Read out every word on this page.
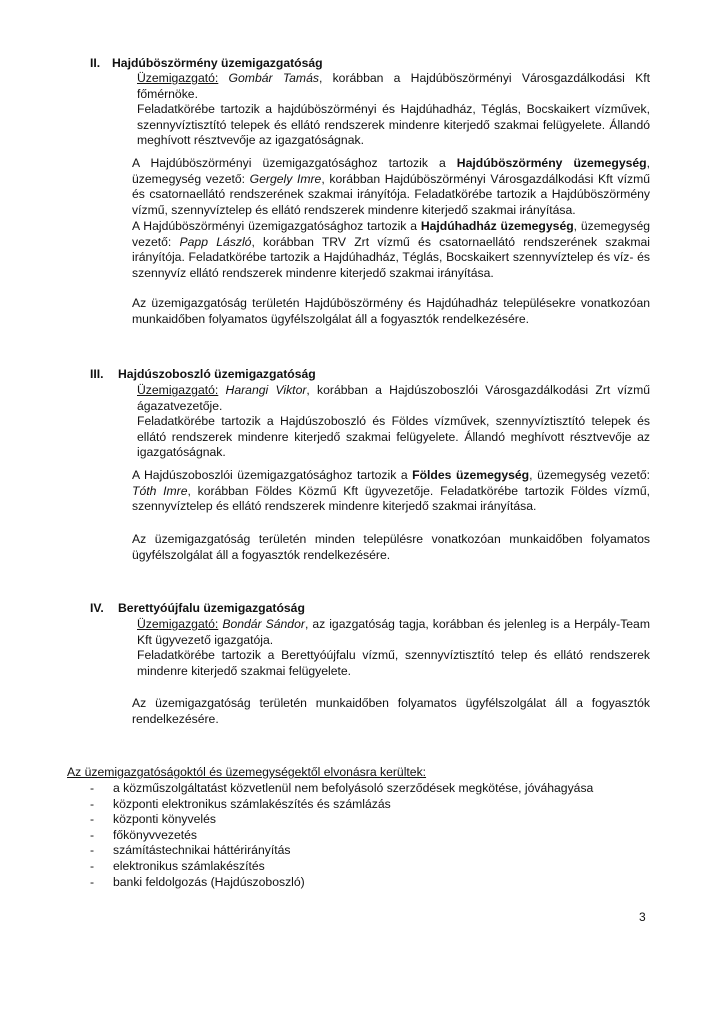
II. Hajdúböszörmény üzemigazgatóság
Üzemigazgató: Gombár Tamás, korábban a Hajdúböszörményi Városgazdálkodási Kft főmérnöke.
Feladatkörébe tartozik a hajdúböszörményi és Hajdúhadház, Téglás, Bocskaikert vízművek, szennyvíztisztító telepek és ellátó rendszerek mindenre kiterjedő szakmai felügyelete. Állandó meghívott résztvevője az igazgatóságnak.
A Hajdúböszörményi üzemigazgatósághoz tartozik a Hajdúböszörmény üzemegység, üzemegység vezető: Gergely Imre, korábban Hajdúböszörményi Városgazdálkodási Kft vízmű és csatornaellátó rendszerének szakmai irányítója. Feladatkörébe tartozik a Hajdúböszörmény vízmű, szennyvíztelep és ellátó rendszerek mindenre kiterjedő szakmai irányítása.
A Hajdúböszörményi üzemigazgatósághoz tartozik a Hajdúhadház üzemegység, üzemegység vezető: Papp László, korábban TRV Zrt vízmű és csatornaellátó rendszerének szakmai irányítója. Feladatkörébe tartozik a Hajdúhadház, Téglás, Bocskaikert szennyvíztelep és víz- és szennyvíz ellátó rendszerek mindenre kiterjedő szakmai irányítása.
Az üzemigazgatóság területén Hajdúböszörmény és Hajdúhadház településekre vonatkozóan munkaidőben folyamatos ügyfélszolgálat áll a fogyasztók rendelkezésére.
III. Hajdúszoboszló üzemigazgatóság
Üzemigazgató: Harangi Viktor, korábban a Hajdúszoboszlói Városgazdálkodási Zrt vízmű ágazatvezetője.
Feladatkörébe tartozik a Hajdúszoboszló és Földes vízművek, szennyvíztisztító telepek és ellátó rendszerek mindenre kiterjedő szakmai felügyelete. Állandó meghívott résztvevője az igazgatóságnak.
A Hajdúszoboszlói üzemigazgatósághoz tartozik a Földes üzemegység, üzemegység vezető: Tóth Imre, korábban Földes Közmű Kft ügyvezetője. Feladatkörébe tartozik Földes vízmű, szennyvíztelep és ellátó rendszerek mindenre kiterjedő szakmai irányítása.
Az üzemigazgatóság területén minden településre vonatkozóan munkaidőben folyamatos ügyfélszolgálat áll a fogyasztók rendelkezésére.
IV. Berettyóújfalu üzemigazgatóság
Üzemigazgató: Bondár Sándor, az igazgatóság tagja, korábban és jelenleg is a Herpály-Team Kft ügyvezető igazgatója.
Feladatkörébe tartozik a Berettyóújfalu vízmű, szennyvíztisztító telep és ellátó rendszerek mindenre kiterjedő szakmai felügyelete.
Az üzemigazgatóság területén munkaidőben folyamatos ügyfélszolgálat áll a fogyasztók rendelkezésére.
Az üzemigazgatóságoktól és üzemegységektől elvonásra kerültek:
- a közműszolgáltatást közvetlenül nem befolyásoló szerződések megkötése, jóváhagyása
- központi elektronikus számlakészítés és számlázás
- központi könyvelés
- főkönyvvezetés
- számítástechnikai háttérirányítás
- elektronikus számlakészítés
- banki feldolgozás (Hajdúszoboszló)
3
